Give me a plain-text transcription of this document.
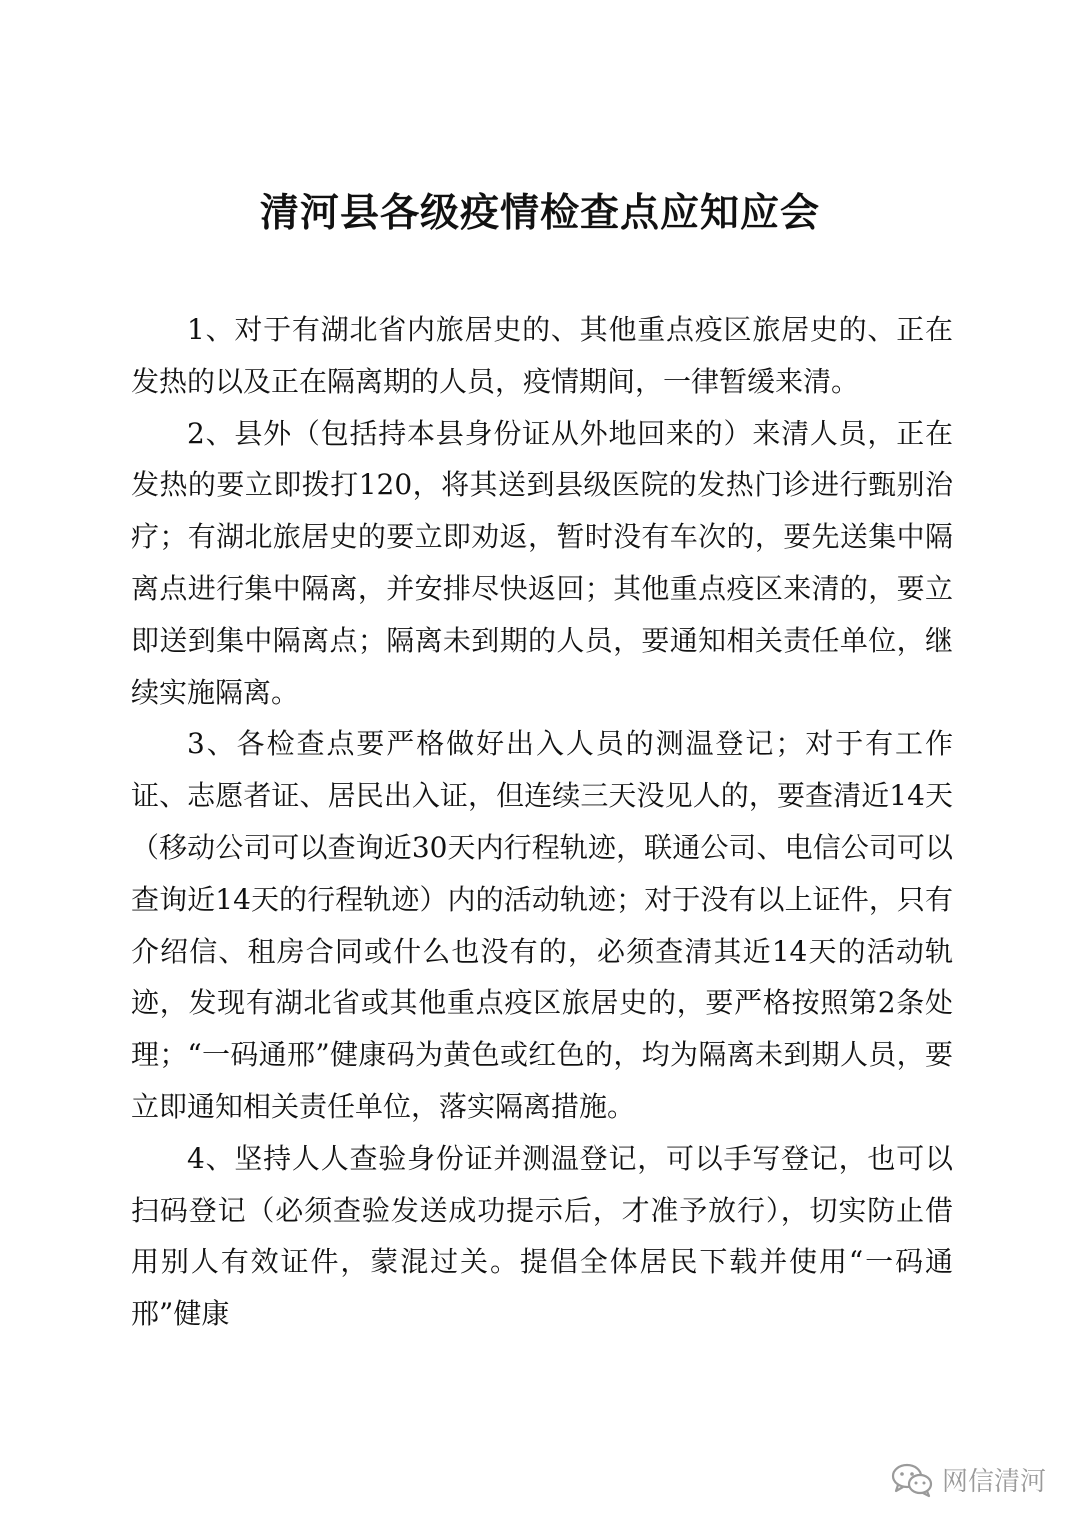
清河县各级疫情检查点应知应会

1、对于有湖北省内旅居史的、其他重点疫区旅居史的、正在发热的以及正在隔离期的人员，疫情期间，一律暂缓来清。

2、县外（包括持本县身份证从外地回来的）来清人员，正在发热的要立即拨打120，将其送到县级医院的发热门诊进行甄别治疗；有湖北旅居史的要立即劝返，暂时没有车次的，要先送集中隔离点进行集中隔离，并安排尽快返回；其他重点疫区来清的，要立即送到集中隔离点；隔离未到期的人员，要通知相关责任单位，继续实施隔离。

3、各检查点要严格做好出入人员的测温登记；对于有工作证、志愿者证、居民出入证，但连续三天没见人的，要查清近14天（移动公司可以查询近30天内行程轨迹，联通公司、电信公司可以查询近14天的行程轨迹）内的活动轨迹；对于没有以上证件，只有介绍信、租房合同或什么也没有的，必须查清其近14天的活动轨迹，发现有湖北省或其他重点疫区旅居史的，要严格按照第2条处理；“一码通邢”健康码为黄色或红色的，均为隔离未到期人员，要立即通知相关责任单位，落实隔离措施。

4、坚持人人查验身份证并测温登记，可以手写登记，也可以扫码登记（必须查验发送成功提示后，才准予放行），切实防止借用别人有效证件，蒙混过关。提倡全体居民下载并使用“一码通邢”健康

网信清河
